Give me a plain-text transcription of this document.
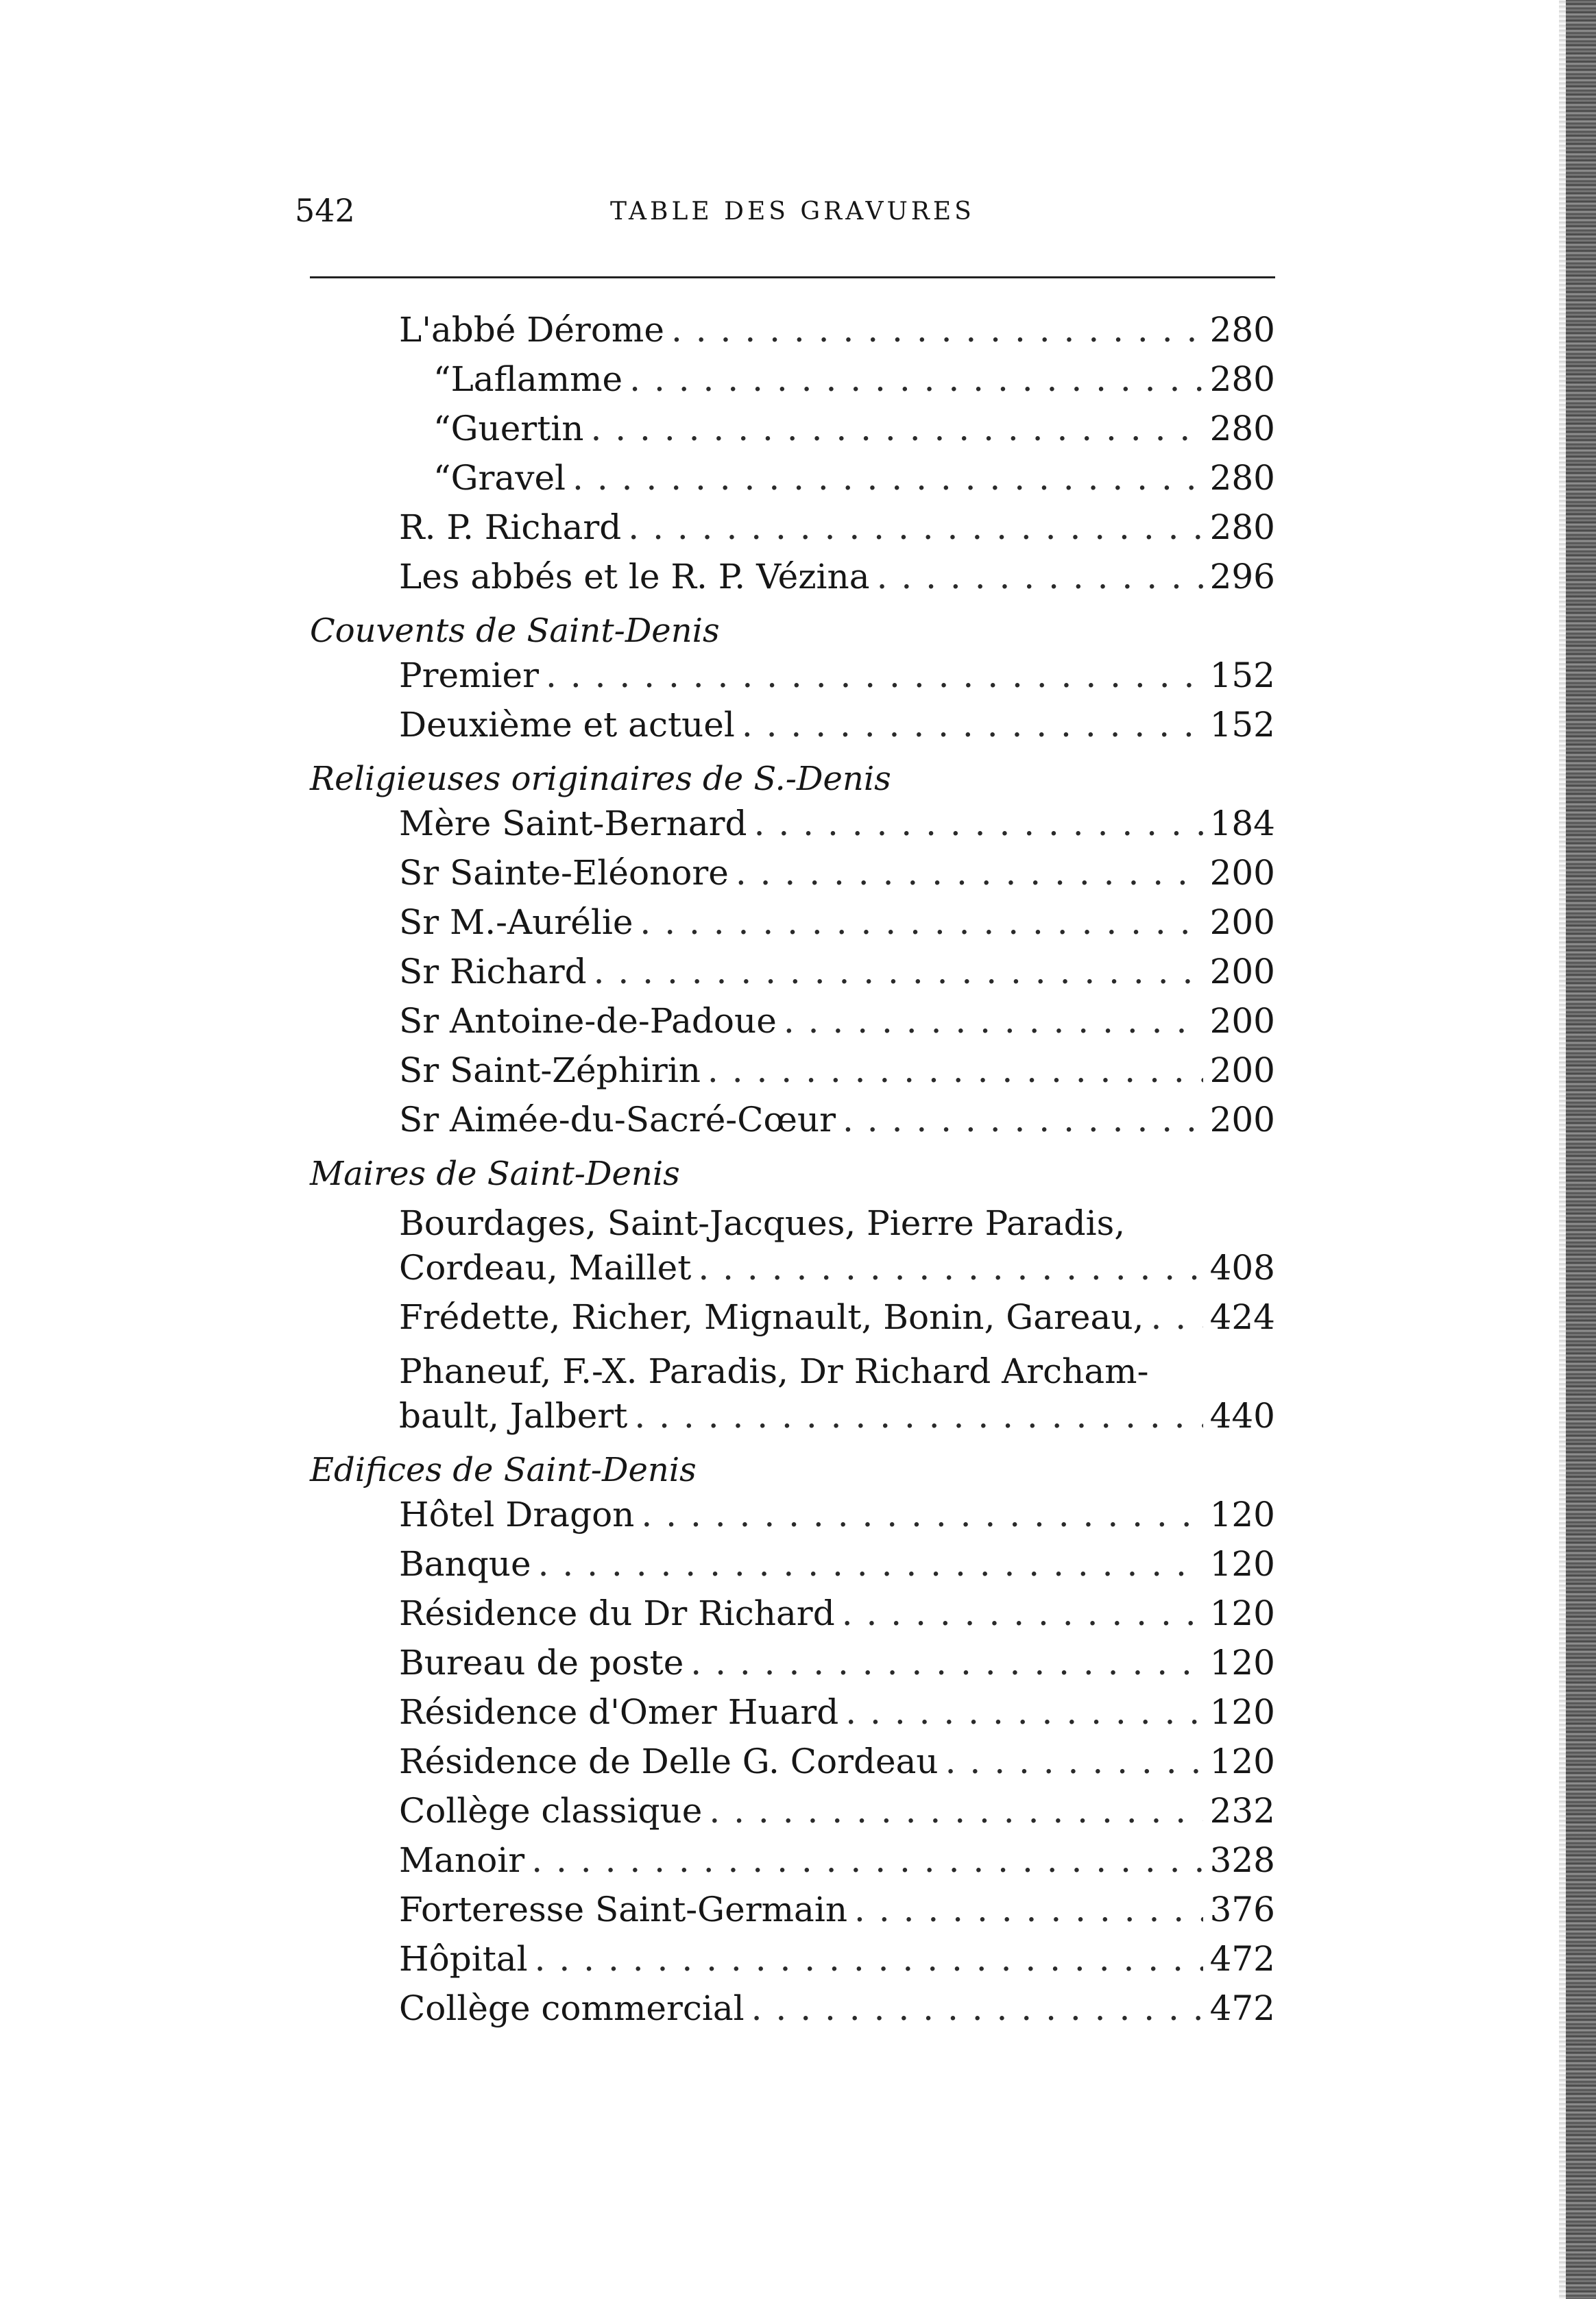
542	TABLE DES GRAVURES
L'abbé Dérome . . .	280
“ Laflamme . . .	280
“ Guertin . . .	280
“ Gravel . . .	280
R. P. Richard . . .	280
Les abbés et le R. P. Vézina . . .	296
Couvents de Saint-Denis
Premier . . .	152
Deuxième et actuel . . .	152
Religieuses originaires de S.-Denis
Mère Saint-Bernard . . .	184
Sr Sainte-Eléonore . . .	200
Sr M.-Aurélie . . .	200
Sr Richard . . .	200
Sr Antoine-de-Padoue . . .	200
Sr Saint-Zéphirin . . .	200
Sr Aimée-du-Sacré-Cœur . . .	200
Maires de Saint-Denis
Bourdages, Saint-Jacques, Pierre Paradis,
Cordeau, Maillet . . .	408
Frédette, Richer, Mignault, Bonin, Gareau, . . . 424
Phaneuf, F.-X. Paradis, Dr Richard Archam-
bault, Jalbert . . .	440
Edifices de Saint-Denis
Hôtel Dragon . . .	120
Banque . . .	120
Résidence du Dr Richard . . .	120
Bureau de poste . . .	120
Résidence d'Omer Huard . . .	120
Résidence de Delle G. Cordeau . . .	120
Collège classique . . .	232
Manoir . . .	328
Forteresse Saint-Germain . . .	376
Hôpital . . .	472
Collège commercial . . .	472
